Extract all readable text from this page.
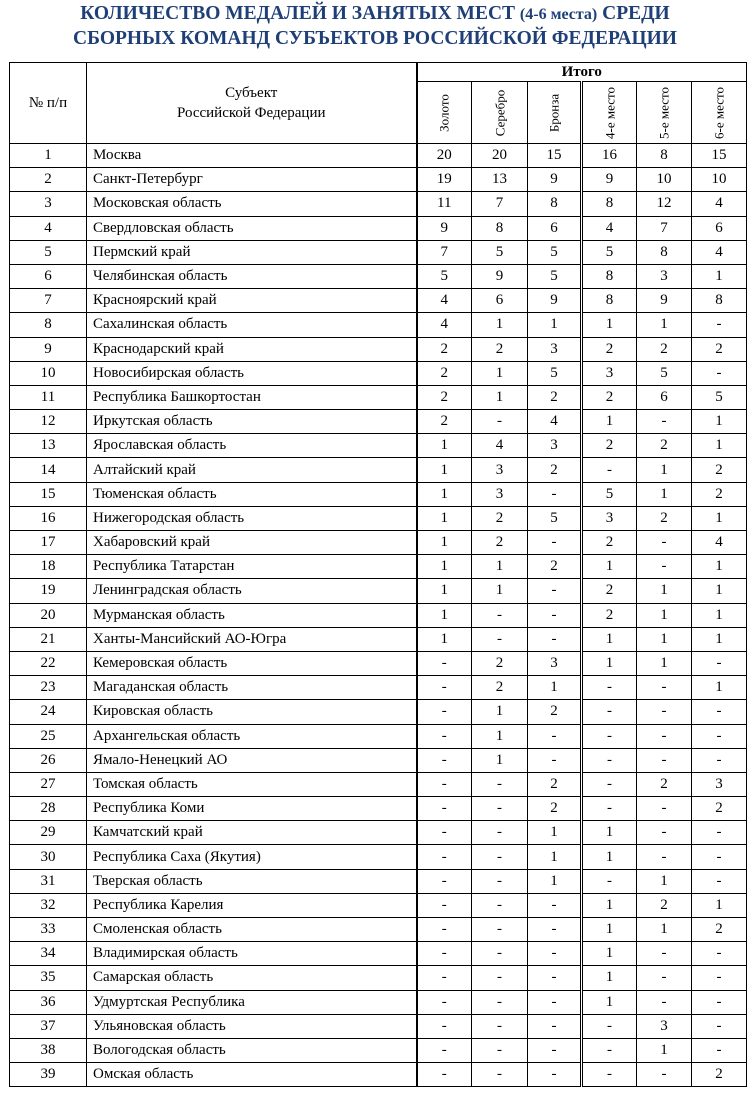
КОЛИЧЕСТВО МЕДАЛЕЙ И ЗАНЯТЫХ МЕСТ (4-6 места) СРЕДИ
СБОРНЫХ КОМАНД СУБЪЕКТОВ РОССИЙСКОЙ ФЕДЕРАЦИИ
№ п/п	Субъект
Российской Федерации	Итого					

		Золото	Серебро	Бронза	4-е место	5-е место	6-е место

1	Москва	20	20	15	16	8	15
2	Санкт-Петербург	19	13	9	9	10	10
3	Московская область	11	7	8	8	12	4
4	Свердловская область	9	8	6	4	7	6
5	Пермский край	7	5	5	5	8	4
6	Челябинская область	5	9	5	8	3	1
7	Красноярский край	4	6	9	8	9	8
8	Сахалинская область	4	1	1	1	1	-
9	Краснодарский край	2	2	3	2	2	2
10	Новосибирская область	2	1	5	3	5	-
11	Республика Башкортостан	2	1	2	2	6	5
12	Иркутская область	2	-	4	1	-	1
13	Ярославская область	1	4	3	2	2	1
14	Алтайский край	1	3	2	-	1	2
15	Тюменская область	1	3	-	5	1	2
16	Нижегородская область	1	2	5	3	2	1
17	Хабаровский край	1	2	-	2	-	4
18	Республика Татарстан	1	1	2	1	-	1
19	Ленинградская область	1	1	-	2	1	1
20	Мурманская область	1	-	-	2	1	1
21	Ханты-Мансийский АО-Югра	1	-	-	1	1	1
22	Кемеровская область	-	2	3	1	1	-
23	Магаданская область	-	2	1	-	-	1
24	Кировская область	-	1	2	-	-	-
25	Архангельская область	-	1	-	-	-	-
26	Ямало-Ненецкий АО	-	1	-	-	-	-
27	Томская область	-	-	2	-	2	3
28	Республика Коми	-	-	2	-	-	2
29	Камчатский край	-	-	1	1	-	-
30	Республика Саха (Якутия)	-	-	1	1	-	-
31	Тверская область	-	-	1	-	1	-
32	Республика Карелия	-	-	-	1	2	1
33	Смоленская область	-	-	-	1	1	2
34	Владимирская область	-	-	-	1	-	-
35	Самарская область	-	-	-	1	-	-
36	Удмуртская Республика	-	-	-	1	-	-
37	Ульяновская область	-	-	-	-	3	-
38	Вологодская область	-	-	-	-	1	-
39	Омская область	-	-	-	-	-	2
